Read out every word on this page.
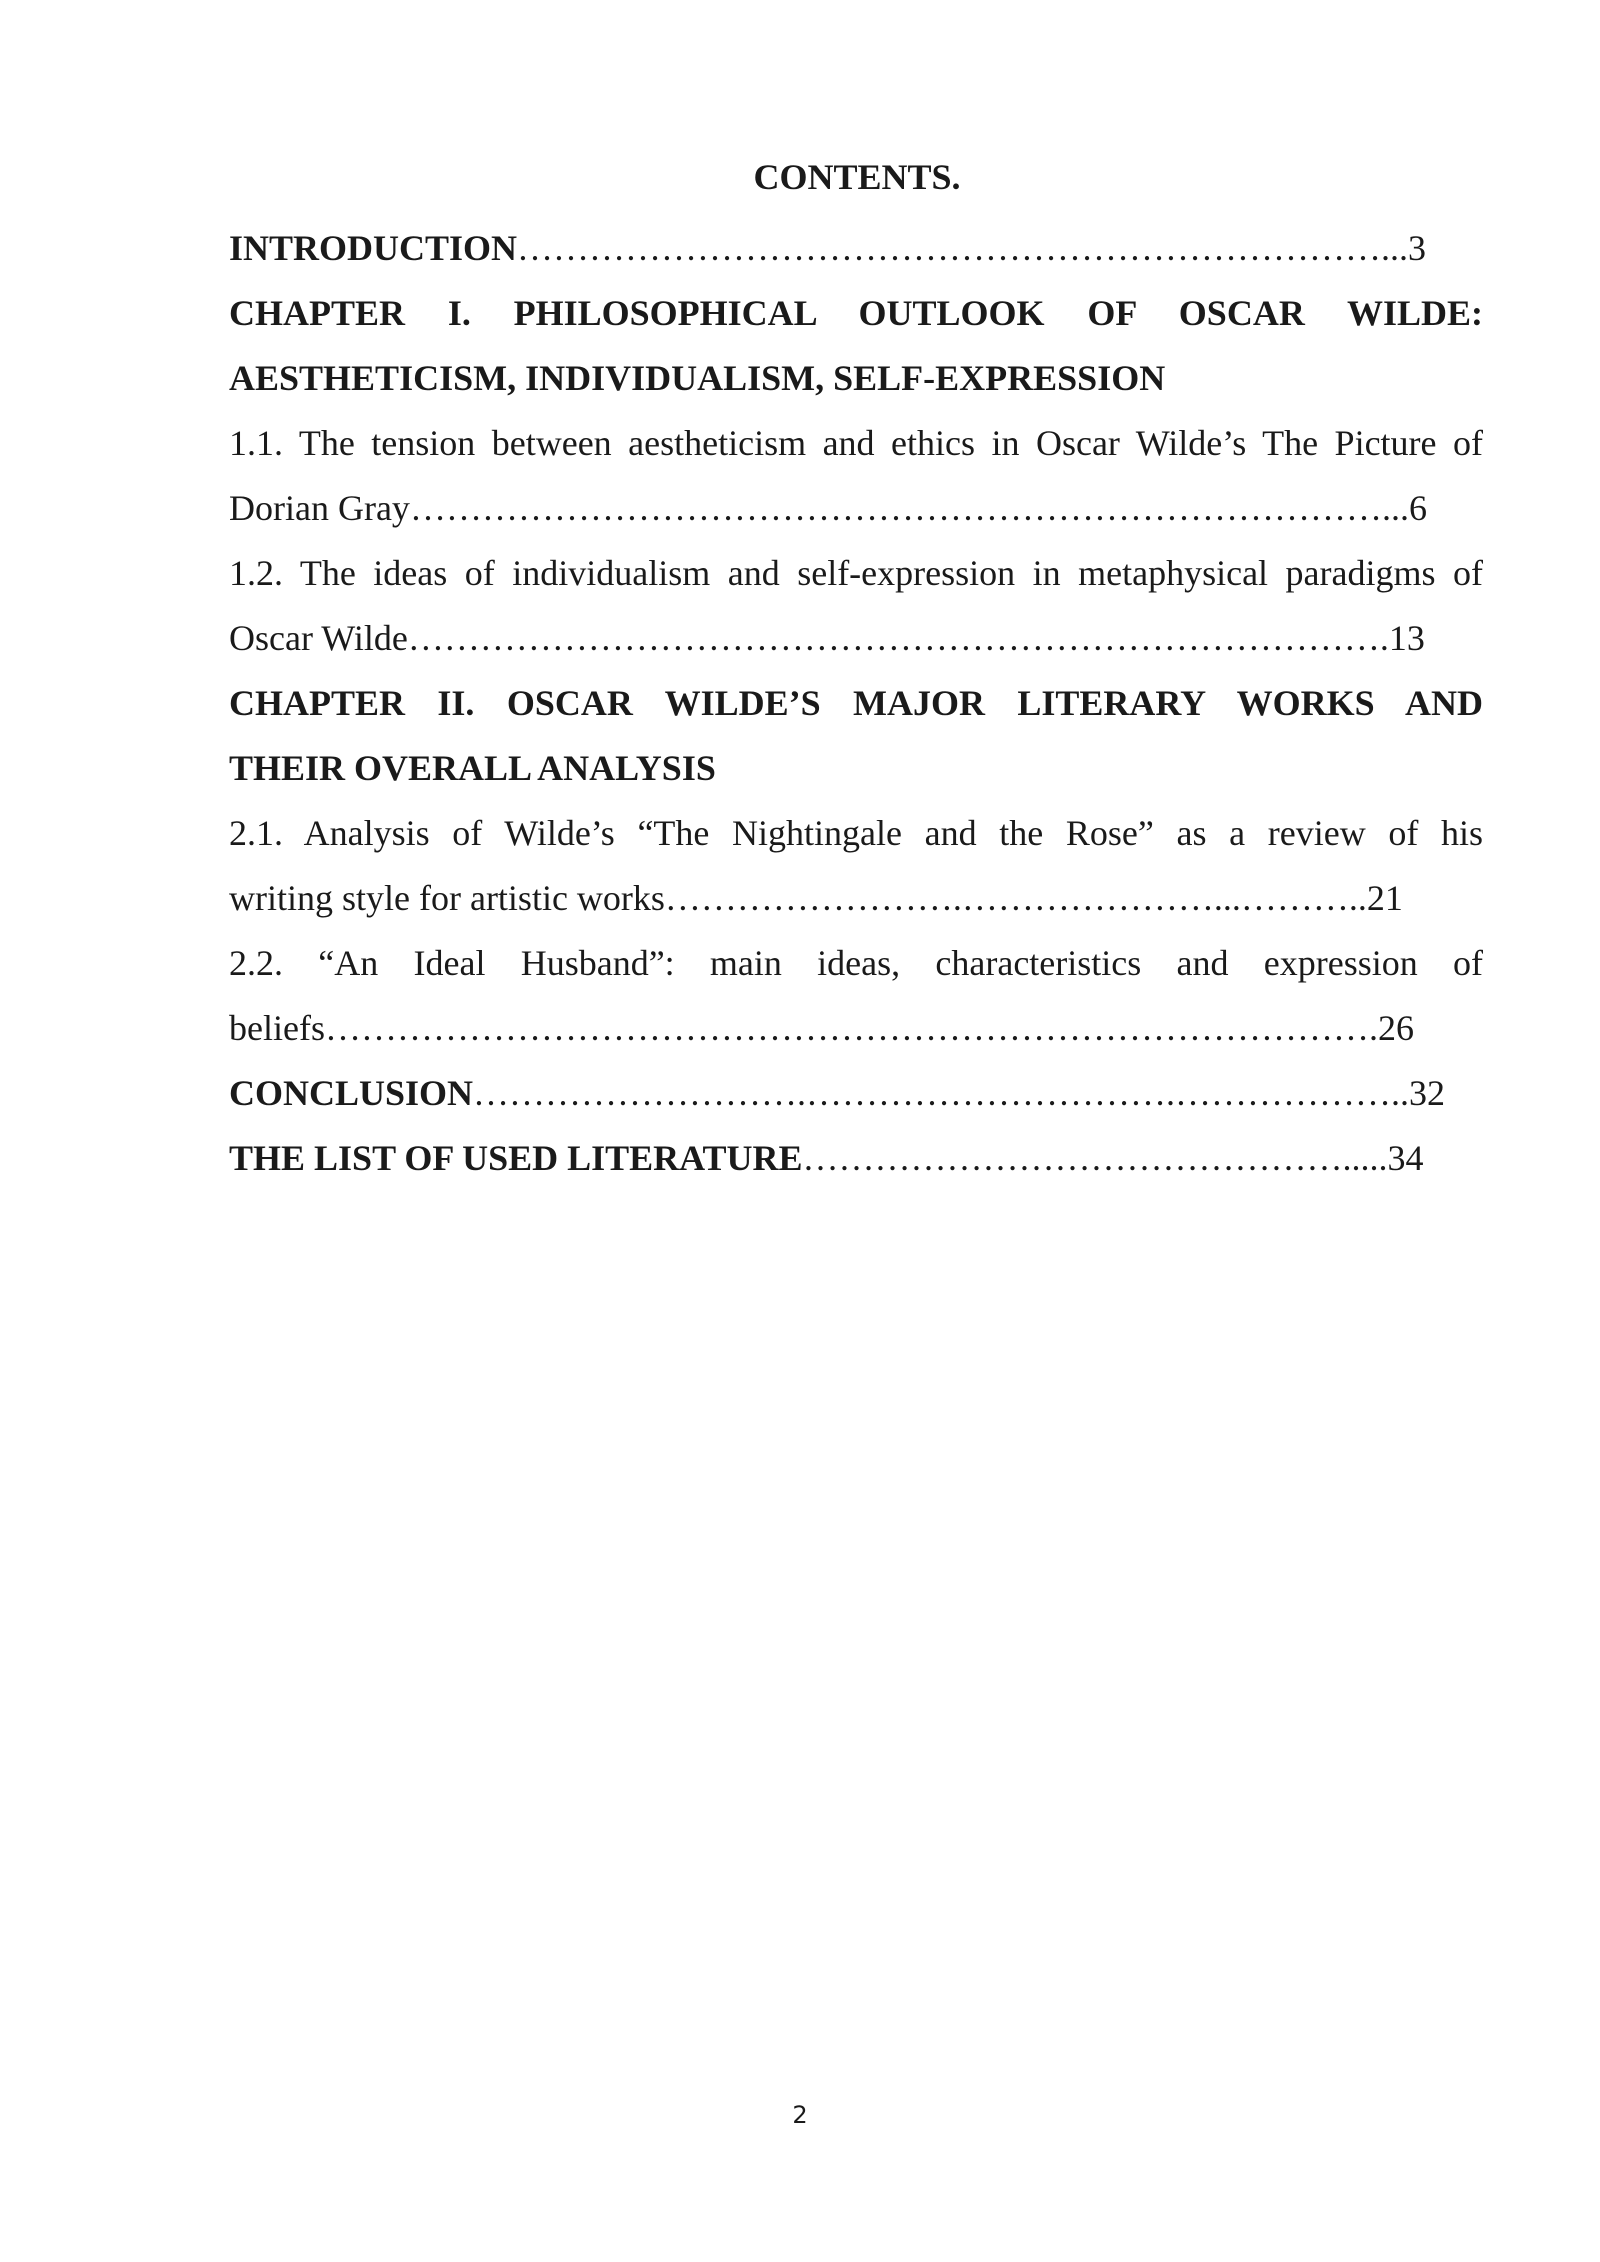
CONTENTS.
INTRODUCTION………………………………………………………………...3
CHAPTER I. PHILOSOPHICAL OUTLOOK OF OSCAR WILDE:
AESTHETICISM, INDIVIDUALISM, SELF-EXPRESSION
1.1. The tension between aestheticism and ethics in Oscar Wilde’s The Picture of
Dorian Gray………………………………………………………………………...6
1.2. The ideas of individualism and self-expression in metaphysical paradigms of
Oscar Wilde……………………………………………………………………….13
CHAPTER II. OSCAR WILDE’S MAJOR LITERARY WORKS AND
THEIR OVERALL ANALYSIS
2.1. Analysis of Wilde’s “The Nightingale and the Rose” as a review of his
writing style for artistic works…………………….…………………...………..21
2.2. “An Ideal Husband”: main ideas, characteristics and expression of
beliefs…………………………………………………………………………….26
CONCLUSION……………………….………………………….………………..32
THE LIST OF USED LITERATURE……………………………………….....34
2
